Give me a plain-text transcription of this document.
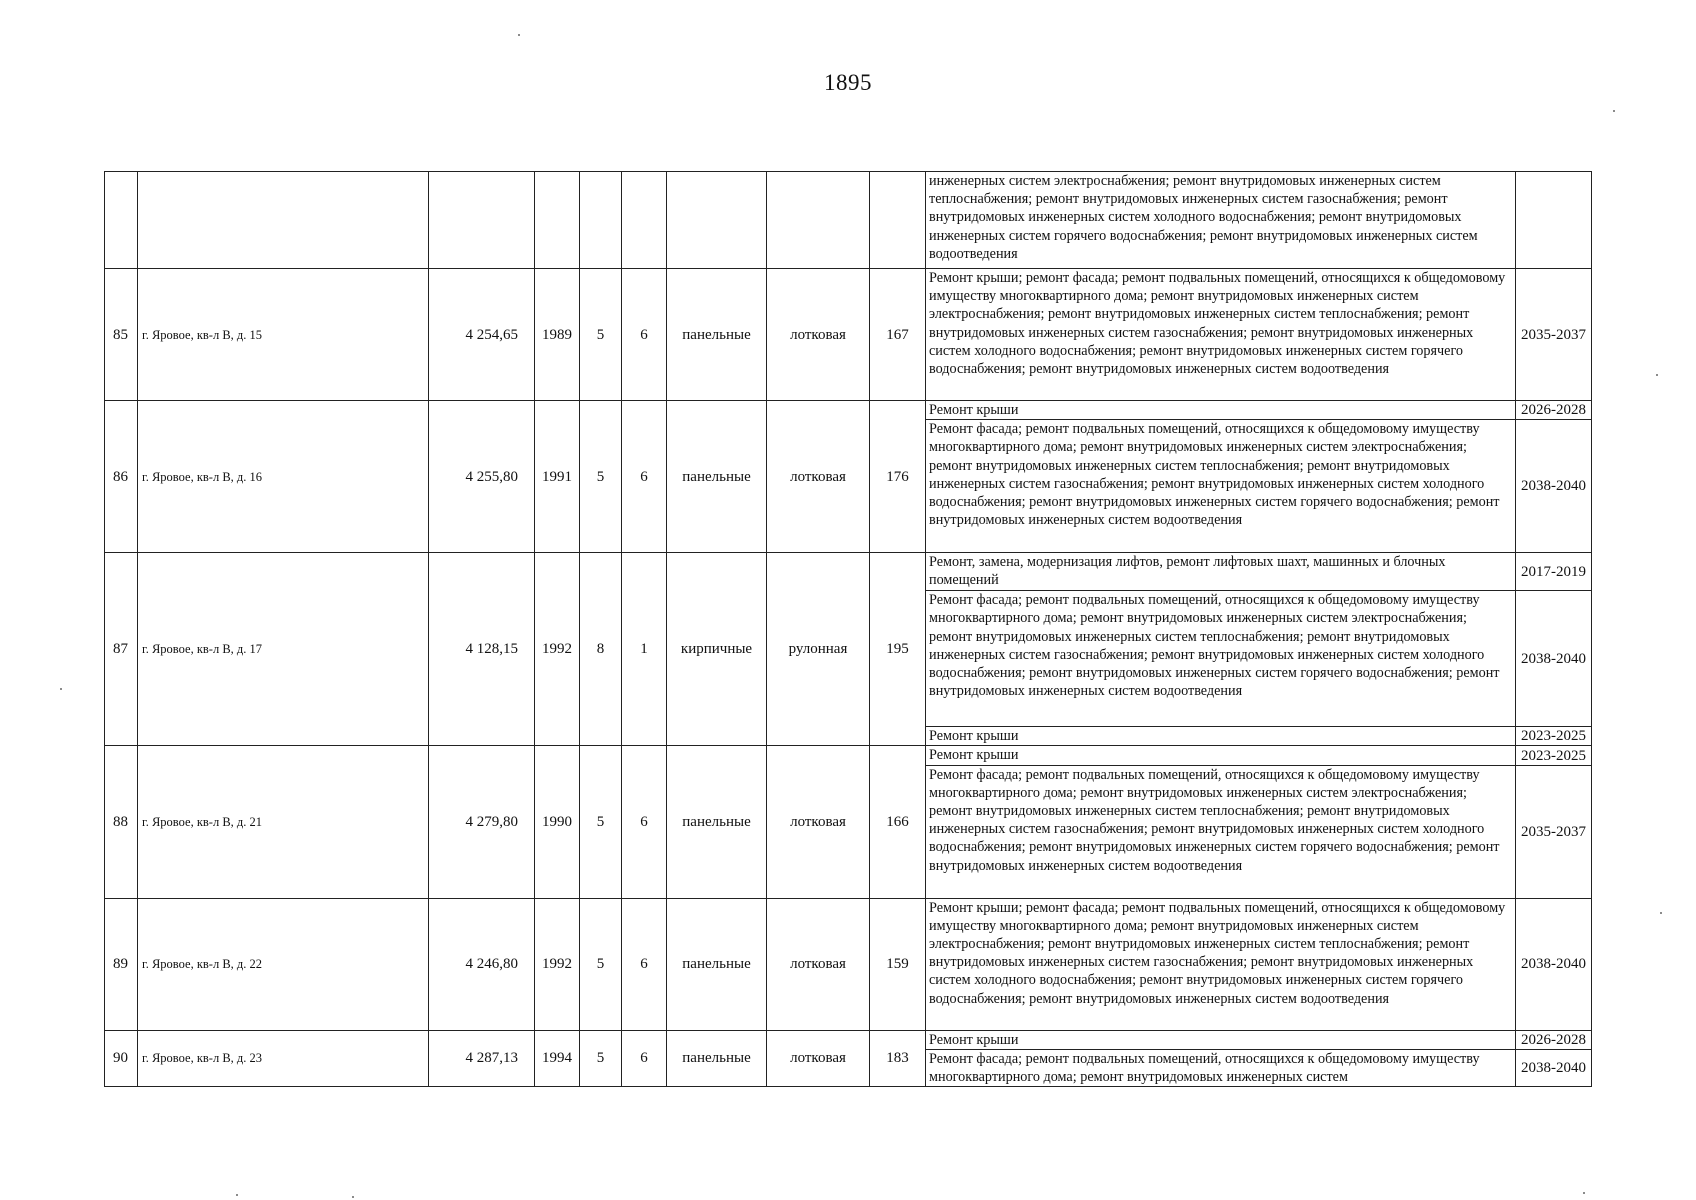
1895
									инженерных систем электроснабжения; ремонт внутридомовых инженерных систем теплоснабжения; ремонт внутридомовых инженерных систем газоснабжения; ремонт внутридомовых инженерных систем холодного водоснабжения; ремонт внутридомовых инженерных систем горячего водоснабжения; ремонт внутридомовых инженерных систем водоотведения	
85	г. Яровое, кв-л В, д. 15	4 254,65	1989	5	6	панельные	лотковая	167	Ремонт крыши; ремонт фасада; ремонт подвальных помещений, относящихся к общедомовому имуществу многоквартирного дома; ремонт внутридомовых инженерных систем электроснабжения; ремонт внутридомовых инженерных систем теплоснабжения; ремонт внутридомовых инженерных систем газоснабжения; ремонт внутридомовых инженерных систем холодного водоснабжения; ремонт внутридомовых инженерных систем горячего водоснабжения; ремонт внутридомовых инженерных систем водоотведения	2035-2037
86	г. Яровое, кв-л В, д. 16	4 255,80	1991	5	6	панельные	лотковая	176	Ремонт крыши	2026-2028
									Ремонт фасада; ремонт подвальных помещений, относящихся к общедомовому имуществу многоквартирного дома; ремонт внутридомовых инженерных систем электроснабжения; ремонт внутридомовых инженерных систем теплоснабжения; ремонт внутридомовых инженерных систем газоснабжения; ремонт внутридомовых инженерных систем холодного водоснабжения; ремонт внутридомовых инженерных систем горячего водоснабжения; ремонт внутридомовых инженерных систем водоотведения	2038-2040
87	г. Яровое, кв-л В, д. 17	4 128,15	1992	8	1	кирпичные	рулонная	195	Ремонт, замена, модернизация лифтов, ремонт лифтовых шахт, машинных и блочных помещений	2017-2019
									Ремонт фасада; ремонт подвальных помещений, относящихся к общедомовому имуществу многоквартирного дома; ремонт внутридомовых инженерных систем электроснабжения; ремонт внутридомовых инженерных систем теплоснабжения; ремонт внутридомовых инженерных систем газоснабжения; ремонт внутридомовых инженерных систем холодного водоснабжения; ремонт внутридомовых инженерных систем горячего водоснабжения; ремонт внутридомовых инженерных систем водоотведения	2038-2040
									Ремонт крыши	2023-2025
88	г. Яровое, кв-л В, д. 21	4 279,80	1990	5	6	панельные	лотковая	166	Ремонт крыши	2023-2025
									Ремонт фасада; ремонт подвальных помещений, относящихся к общедомовому имуществу многоквартирного дома; ремонт внутридомовых инженерных систем электроснабжения; ремонт внутридомовых инженерных систем теплоснабжения; ремонт внутридомовых инженерных систем газоснабжения; ремонт внутридомовых инженерных систем холодного водоснабжения; ремонт внутридомовых инженерных систем горячего водоснабжения; ремонт внутридомовых инженерных систем водоотведения	2035-2037
89	г. Яровое, кв-л В, д. 22	4 246,80	1992	5	6	панельные	лотковая	159	Ремонт крыши; ремонт фасада; ремонт подвальных помещений, относящихся к общедомовому имуществу многоквартирного дома; ремонт внутридомовых инженерных систем электроснабжения; ремонт внутридомовых инженерных систем теплоснабжения; ремонт внутридомовых инженерных систем газоснабжения; ремонт внутридомовых инженерных систем холодного водоснабжения; ремонт внутридомовых инженерных систем горячего водоснабжения; ремонт внутридомовых инженерных систем водоотведения	2038-2040
90	г. Яровое, кв-л В, д. 23	4 287,13	1994	5	6	панельные	лотковая	183	Ремонт крыши	2026-2028
									Ремонт фасада; ремонт подвальных помещений, относящихся к общедомовому имуществу многоквартирного дома; ремонт внутридомовых инженерных систем	2038-2040
